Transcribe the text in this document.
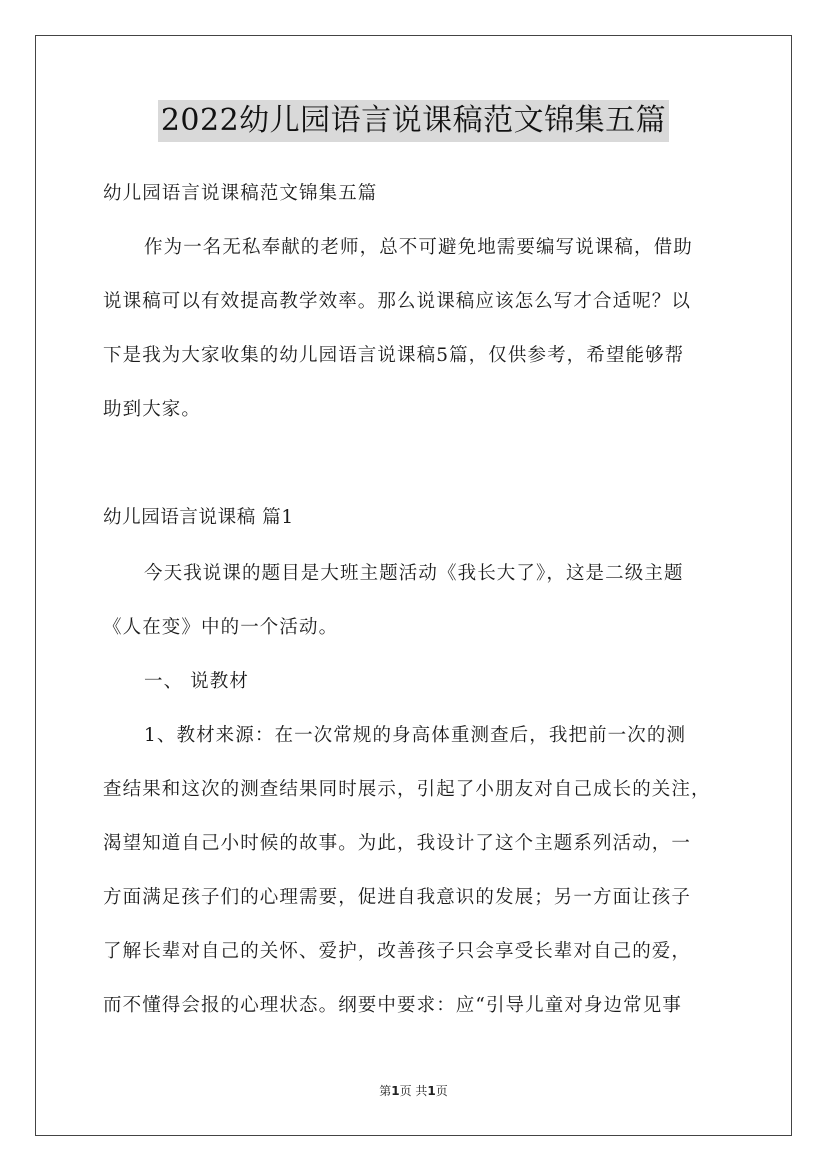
2022幼儿园语言说课稿范文锦集五篇
幼儿园语言说课稿范文锦集五篇
作为一名无私奉献的老师，总不可避免地需要编写说课稿，借助
说课稿可以有效提高教学效率。那么说课稿应该怎么写才合适呢？以
下是我为大家收集的幼儿园语言说课稿5篇，仅供参考，希望能够帮
助到大家。
幼儿园语言说课稿 篇1
今天我说课的题目是大班主题活动《我长大了》，这是二级主题
《人在变》中的一个活动。
一、 说教材
1、教材来源：在一次常规的身高体重测查后，我把前一次的测
查结果和这次的测查结果同时展示，引起了小朋友对自己成长的关注，
渴望知道自己小时候的故事。为此，我设计了这个主题系列活动，一
方面满足孩子们的心理需要，促进自我意识的发展；另一方面让孩子
了解长辈对自己的关怀、爱护，改善孩子只会享受长辈对自己的爱，
而不懂得会报的心理状态。纲要中要求：应“引导儿童对身边常见事
第1页 共1页
